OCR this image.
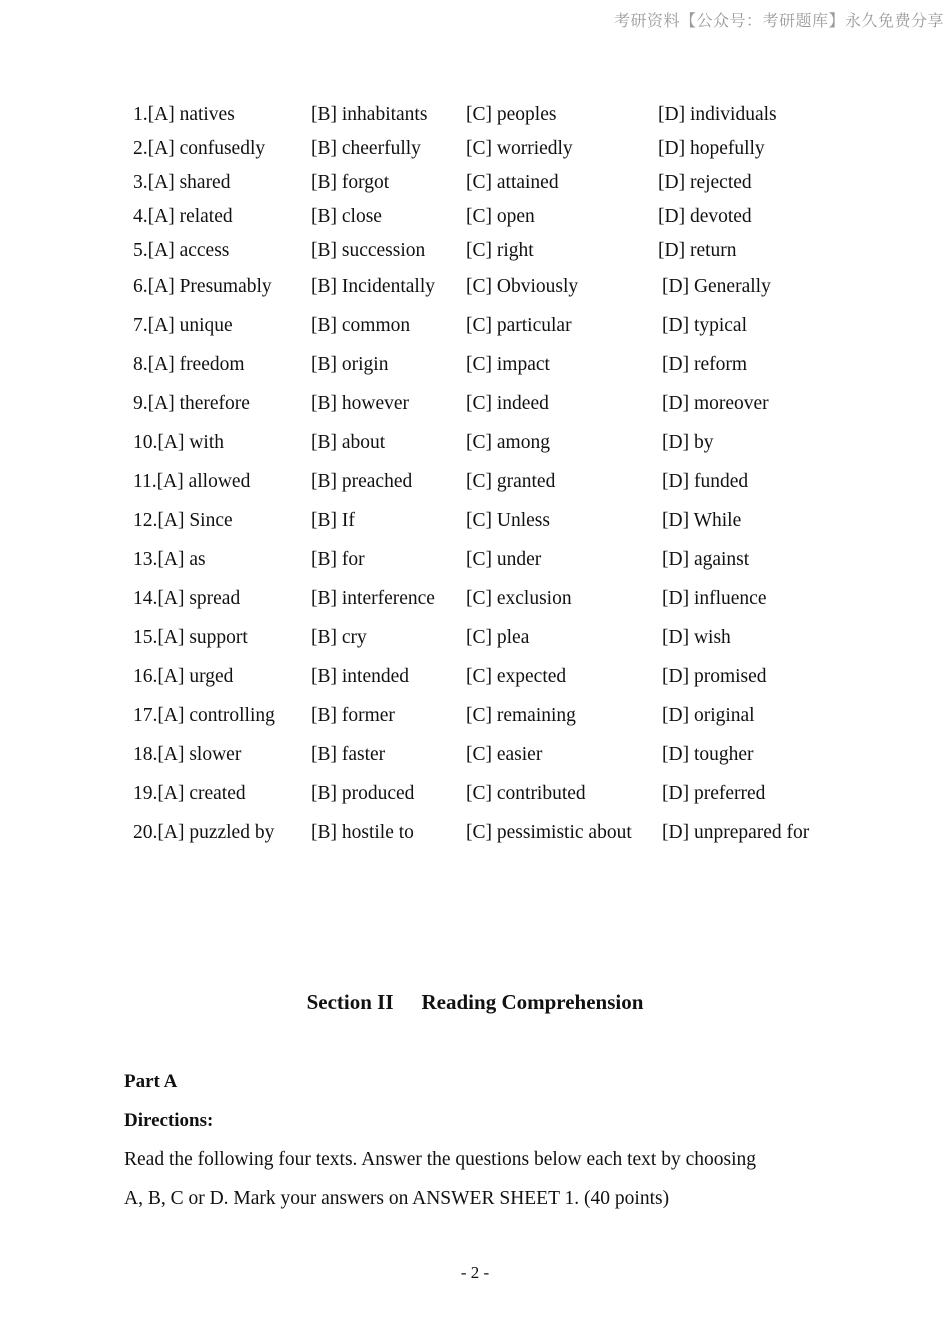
考研资料【公众号：考研题库】永久免费分享
1.[A] natives	[B] inhabitants [C] peoples	[D] individuals
2.[A] confusedly [B] cheerfully [C] worriedly	[D] hopefully
3.[A] shared	[B] forgot	[C] attained	[D] rejected
4.[A] related	[B] close	[C] open	[D] devoted
5.[A] access	[B] succession [C] right	[D] return
6.[A] Presumably [B] Incidentally [C] Obviously	[D] Generally
7.[A] unique	[B] common	[C] particular	[D] typical
8.[A] freedom	[B] origin	[C] impact	[D] reform
9.[A] therefore	[B] however	[C] indeed	[D] moreover
10.[A] with	[B] about	[C] among	[D] by
11.[A] allowed	[B] preached	[C] granted	[D] funded
12.[A] Since	[B] If	[C] Unless	[D] While
13.[A] as	[B] for	[C] under	[D] against
14.[A] spread	[B] interference [C] exclusion	[D] influence
15.[A] support	[B] cry	[C] plea	[D] wish
16.[A] urged	[B] intended	[C] expected	[D] promised
17.[A] controlling [B] former	[C] remaining	[D] original
18.[A] slower	[B] faster	[C] easier	[D] tougher
19.[A] created	[B] produced	[C] contributed	[D] preferred
20.[A] puzzled by [B] hostile to	[C] pessimistic about [D] unprepared for
Section II Reading Comprehension
Part A
Directions:
Read the following four texts. Answer the questions below each text by choosing
A, B, C or D. Mark your answers on ANSWER SHEET 1. (40 points)
- 2 -
